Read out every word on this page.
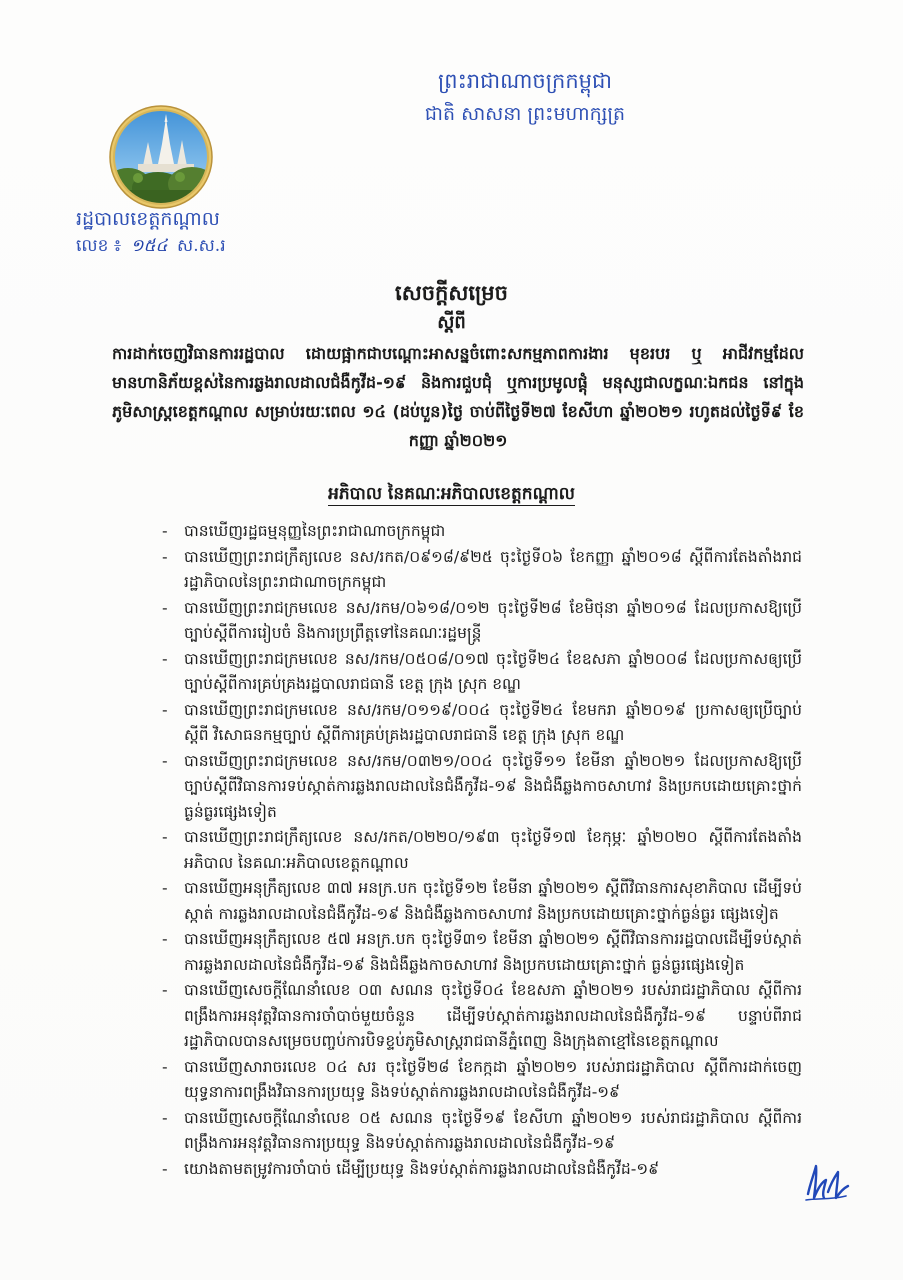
ព្រះរាជាណាចក្រកម្ពុជា
ជាតិ សាសនា ព្រះមហាក្សត្រ
រដ្ឋបាលខេត្តកណ្ដាល
លេខ ៖ ១៥៤ ស.ស.រ
សេចក្ដីសម្រេច
ស្ដីពី
ការដាក់ចេញវិធានការរដ្ឋបាល ដោយផ្អាកជាបណ្ដោះអាសន្នចំពោះសកម្មភាពការងារ មុខរបរ ឬ អាជីវកម្មដែលមានហានិភ័យខ្ពស់នៃការឆ្លងរាលដាលជំងឺកូវីដ-១៩ និងការជួបជុំ ឬការប្រមូលផ្ដុំ មនុស្សជាលក្ខណៈឯកជន នៅក្នុងភូមិសាស្ត្រខេត្តកណ្ដាល សម្រាប់រយៈពេល ១៤ (ដប់បួន)ថ្ងៃ ចាប់ពីថ្ងៃទី២៧ ខែសីហា ឆ្នាំ២០២១ រហូតដល់ថ្ងៃទី៩ ខែកញ្ញា ឆ្នាំ២០២១
អភិបាល នៃគណៈអភិបាលខេត្តកណ្ដាល
-	បានឃើញរដ្ឋធម្មនុញ្ញនៃព្រះរាជាណាចក្រកម្ពុជា
-	បានឃើញព្រះរាជក្រឹត្យលេខ នស/រកត/០៩១៨/៩២៥ ចុះថ្ងៃទី០៦ ខែកញ្ញា ឆ្នាំ២០១៨ ស្ដីពីការតែងតាំងរាជរដ្ឋាភិបាលនៃព្រះរាជាណាចក្រកម្ពុជា
-	បានឃើញព្រះរាជក្រមលេខ នស/រកម/០៦១៨/០១២ ចុះថ្ងៃទី២៨ ខែមិថុនា ឆ្នាំ២០១៨ ដែលប្រកាសឱ្យប្រើច្បាប់ស្ដីពីការរៀបចំ និងការប្រព្រឹត្តទៅនៃគណៈរដ្ឋមន្ត្រី
-	បានឃើញព្រះរាជក្រមលេខ នស/រកម/០៥០៨/០១៧ ចុះថ្ងៃទី២៤ ខែឧសភា ឆ្នាំ២០០៨ ដែលប្រកាសឲ្យប្រើច្បាប់ស្ដីពីការគ្រប់គ្រងរដ្ឋបាលរាជធានី ខេត្ត ក្រុង ស្រុក ខណ្ឌ
-	បានឃើញព្រះរាជក្រមលេខ នស/រកម/០១១៩/០០៤ ចុះថ្ងៃទី២៤ ខែមករា ឆ្នាំ២០១៩ ប្រកាសឲ្យប្រើច្បាប់ស្ដីពី វិសោធនកម្មច្បាប់ ស្ដីពីការគ្រប់គ្រងរដ្ឋបាលរាជធានី ខេត្ត ក្រុង ស្រុក ខណ្ឌ
-	បានឃើញព្រះរាជក្រមលេខ នស/រកម/០៣២១/០០៤ ចុះថ្ងៃទី១១ ខែមីនា ឆ្នាំ២០២១ ដែលប្រកាសឱ្យប្រើច្បាប់ស្ដីពីវិធានការទប់ស្កាត់ការឆ្លងរាលដាលនៃជំងឺកូវីដ-១៩ និងជំងឺឆ្លងកាចសាហាវ និងប្រកបដោយគ្រោះថ្នាក់ធ្ងន់ធ្ងរផ្សេងទៀត
-	បានឃើញព្រះរាជក្រឹត្យលេខ នស/រកត/០២២០/១៩៣ ចុះថ្ងៃទី១៧ ខែកុម្ភៈ ឆ្នាំ២០២០ ស្ដីពីការតែងតាំងអភិបាល នៃគណៈអភិបាលខេត្តកណ្ដាល
-	បានឃើញអនុក្រឹត្យលេខ ៣៧ អនក្រ.បក ចុះថ្ងៃទី១២ ខែមីនា ឆ្នាំ២០២១ ស្ដីពីវិធានការសុខាភិបាល ដើម្បីទប់ស្កាត់ ការឆ្លងរាលដាលនៃជំងឺកូវីដ-១៩ និងជំងឺឆ្លងកាចសាហាវ និងប្រកបដោយគ្រោះថ្នាក់ធ្ងន់ធ្ងរ ផ្សេងទៀត
-	បានឃើញអនុក្រឹត្យលេខ ៥៧ អនក្រ.បក ចុះថ្ងៃទី៣១ ខែមីនា ឆ្នាំ២០២១ ស្ដីពីវិធានការរដ្ឋបាលដើម្បីទប់ស្កាត់ការឆ្លងរាលដាលនៃជំងឺកូវីដ-១៩ និងជំងឺឆ្លងកាចសាហាវ និងប្រកបដោយគ្រោះថ្នាក់ ធ្ងន់ធ្ងរផ្សេងទៀត
-	បានឃើញសេចក្ដីណែនាំលេខ ០៣ សណន ចុះថ្ងៃទី០៤ ខែឧសភា ឆ្នាំ២០២១ របស់រាជរដ្ឋាភិបាល ស្ដីពីការពង្រឹងការអនុវត្តវិធានការចាំបាច់មួយចំនួន ដើម្បីទប់ស្កាត់ការឆ្លងរាលដាលនៃជំងឺកូវីដ-១៩ បន្ទាប់ពីរាជរដ្ឋាភិបាលបានសម្រេចបញ្ចប់ការបិទខ្ទប់ភូមិសាស្ត្ររាជធានីភ្នំពេញ និងក្រុងតាខ្មៅនៃខេត្តកណ្ដាល
-	បានឃើញសារាចរលេខ ០៤ សរ ចុះថ្ងៃទី២៨ ខែកក្កដា ឆ្នាំ២០២១ របស់រាជរដ្ឋាភិបាល ស្ដីពីការដាក់ចេញយុទ្ធនាការពង្រឹងវិធានការប្រយុទ្ធ និងទប់ស្កាត់ការឆ្លងរាលដាលនៃជំងឺកូវីដ-១៩
-	បានឃើញសេចក្ដីណែនាំលេខ ០៥ សណន ចុះថ្ងៃទី១៩ ខែសីហា ឆ្នាំ២០២១ របស់រាជរដ្ឋាភិបាល ស្ដីពីការពង្រឹងការអនុវត្តវិធានការប្រយុទ្ធ និងទប់ស្កាត់ការឆ្លងរាលដាលនៃជំងឺកូវីដ-១៩
-	យោងតាមតម្រូវការចាំបាច់ ដើម្បីប្រយុទ្ធ និងទប់ស្កាត់ការឆ្លងរាលដាលនៃជំងឺកូវីដ-១៩
